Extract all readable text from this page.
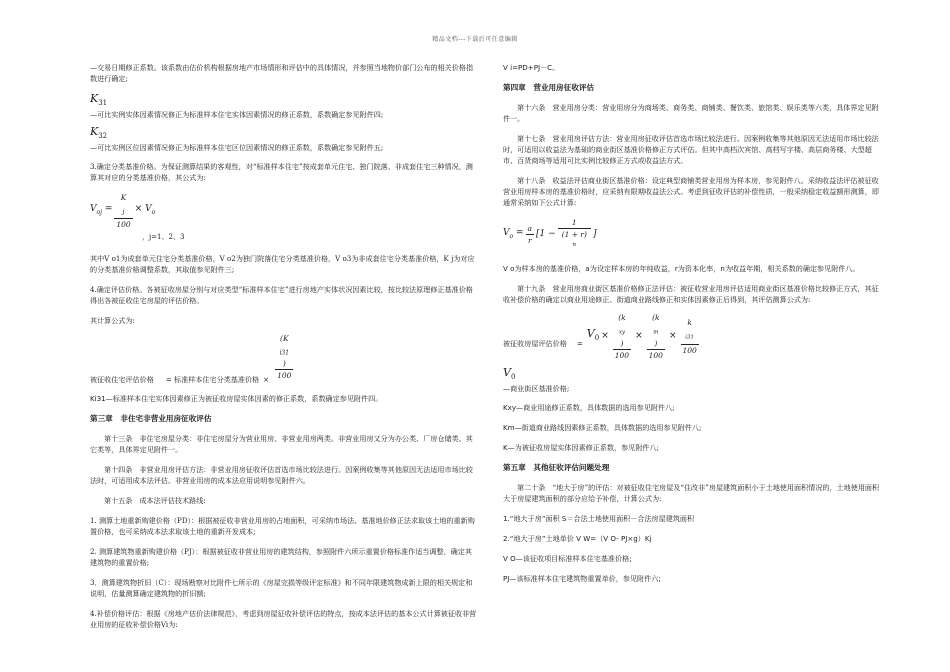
精品文档---下载后可任意编辑

—交易日期修正系数。该系数由估价机构根据房地产市场情形和评估中的具体情况，并参照当地物价部门公布的相关价格指数进行确定;

$K_{31}$
—可比实例实体因素情况修正为标准样本住宅实体因素情况的修正系数，系数确定参见附件四;
$K_{32}$
—可比实例区位因素情况修正为标准样本住宅区位因素情况的修正系数，系数确定参见附件五;

3.确定分类基准价格。为保证测算结果的客观性，对“标准样本住宅”按成套单元住宅、独门院落、非成套住宅三种情况，测算其对应的分类基准价格，其公式为:

$V_{oj} = K$
$_j$
$100 \times V_o$
，j=1、2、3

其中V o1为成套单元住宅分类基准价格，V o2为独门院落住宅分类基准价格，V o3为非成套住宅分类基准价格，K j为对应的分类基准价格调整系数，其取值参见附件三;

4.确定评估价格。各被征收房屋分别与对应类型“标准样本住宅”进行房地产实体状况因素比较，按比较法原理修正基准价格得出各被征收住宅房屋的评估价格。

其计算公式为:

被征收住宅评估价格 = 标准样本住宅分类基准价格 × (K
$_{i31}$
)
100

Ki31—标准样本住宅实体因素修正为被征收房屋实体因素的修正系数，系数确定参见附件四。

第三章　非住宅非营业用房征收评估

第十三条　非住宅房屋分类：非住宅房屋分为营业用房、非营业用房两类。非营业用房又分为办公类、厂房仓储类、其它类等，具体界定见附件一。

第十四条　非营业用房评估方法：非营业用房征收评估首选市场比较法进行。因案例收集等其他原因无法适用市场比较法时，可适用成本法评估。非营业用房的成本法应用说明参见附件六。

第十五条　成本法评估技术路线:

1. 测算土地重新购建价格（PD）：根据被征收非营业用房的占地面积，可采纳市场法、基准地价修正法求取该土地的重新购置价格，也可采纳成本法求取该土地的重新开发成本;

2. 测算建筑物重新购建价格（PJ）：根据被征收非营业用房的建筑结构，参照附件六所示重置价格标准作适当调整，确定其建筑物的重置价格;

3．测算建筑物折旧（C）：现场勘察对比附件七所示的《房屋完损等级评定标准》和不同年限建筑物成新上限的相关规定和说明，估量测算确定建筑物的折旧额;

4.补偿价格评估：根据《房地产估价法律规范》，考虑到房屋征收补偿评估的特点，按成本法评估的基本公式计算被征收非营业用房的征收补偿价格Vi为:

V i=PD+PJ－C。

第四章　营业用房征收评估

第十六条　营业用房分类：营业用房分为商场类、商务类、商铺类、餐饮类、旅馆类、娱乐类等六类，具体界定见附件一。

第十七条　营业用房评估方法：营业用房征收评估首选市场比较法进行。因案例收集等其他原因无法适用市场比较法时，可适用以收益法为基础的商业街区基准价格修正方式评估。但其中高档次宾馆、高档写字楼、高层商务楼、大型超市、百货商场等适用可比实例比较修正方式或收益法方式。

第十八条　收益法评估商业街区基准价格：设定典型商铺类营业用房为样本房，参见附件八。采纳收益法评估被征收营业用房样本房的基准价格时，应采纳有限期收益法公式。考虑到征收评估的补偿性质，一般采纳稳定收益额形测算，即通常采纳如下公式计算:

$V_o = \frac{a}{r} [1 - 1$
(1 + r)
$^n$ ]

V o为样本房的基准价格，a为设定样本房的年纯收益，r为资本化率，n为收益年期，相关系数的确定参见附件八。

第十九条　营业用房商业街区基准价格修正法评估：被征收营业用房评估适用商业街区基准价格比较修正方式，其征收补偿价格的确定以商业用途修正、街道商业路线修正和实体因素修正后得到，其评估测算公式为:

被征收房屋评估价格 =
$V_0 \times (k$
$_{xy}$
)
100 × (k
$_m$
)
100 × k
$_{i31}$
100
$V_0$
—商业街区基准价格;

Kxy—商业用途修正系数，具体数据的选用参见附件八;

Km—街道商业路线因素修正系数，具体数据的选用参见附件八;

K—为被征收房屋实体因素修正系数，参见附件八;

第五章　其他征收评估问题处理

第二十条　“地大于房”的评估：对被征收住宅房屋及“住改非”房屋建筑面积小于土地使用面积情况的，土地使用面积大于房屋建筑面积的部分应给予补偿，计算公式为:

1.“地大于房”面积 S＝合法土地使用面积－合法房屋建筑面积

2.“地大于房”土地单价 V W=（V O- PJ×g）Kj

V O—该征收项目标准样本住宅基准价格;

PJ—该标准样本住宅建筑物重置单价，参见附件六;
